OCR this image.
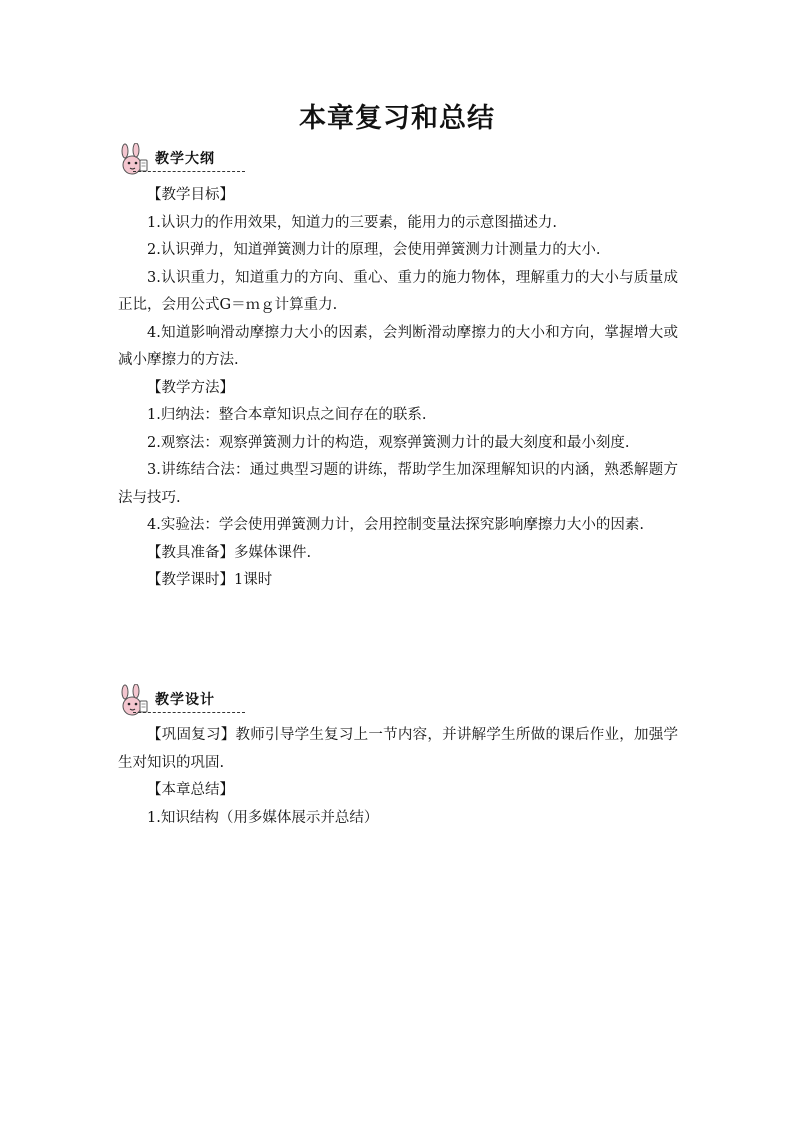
本章复习和总结
教学大纲

【教学目标】

1.认识力的作用效果，知道力的三要素，能用力的示意图描述力.

2.认识弹力，知道弹簧测力计的原理，会使用弹簧测力计测量力的大小.

3.认识重力，知道重力的方向、重心、重力的施力物体，理解重力的大小与质量成正比，会用公式G＝ｍｇ计算重力.

4.知道影响滑动摩擦力大小的因素，会判断滑动摩擦力的大小和方向，掌握增大或减小摩擦力的方法.

【教学方法】

1.归纳法：整合本章知识点之间存在的联系.

2.观察法：观察弹簧测力计的构造，观察弹簧测力计的最大刻度和最小刻度.

3.讲练结合法：通过典型习题的讲练，帮助学生加深理解知识的内涵，熟悉解题方法与技巧.

4.实验法：学会使用弹簧测力计，会用控制变量法探究影响摩擦力大小的因素.

【教具准备】多媒体课件.

【教学课时】1课时

教学设计

【巩固复习】教师引导学生复习上一节内容，并讲解学生所做的课后作业，加强学生对知识的巩固.

【本章总结】

1.知识结构（用多媒体展示并总结）
